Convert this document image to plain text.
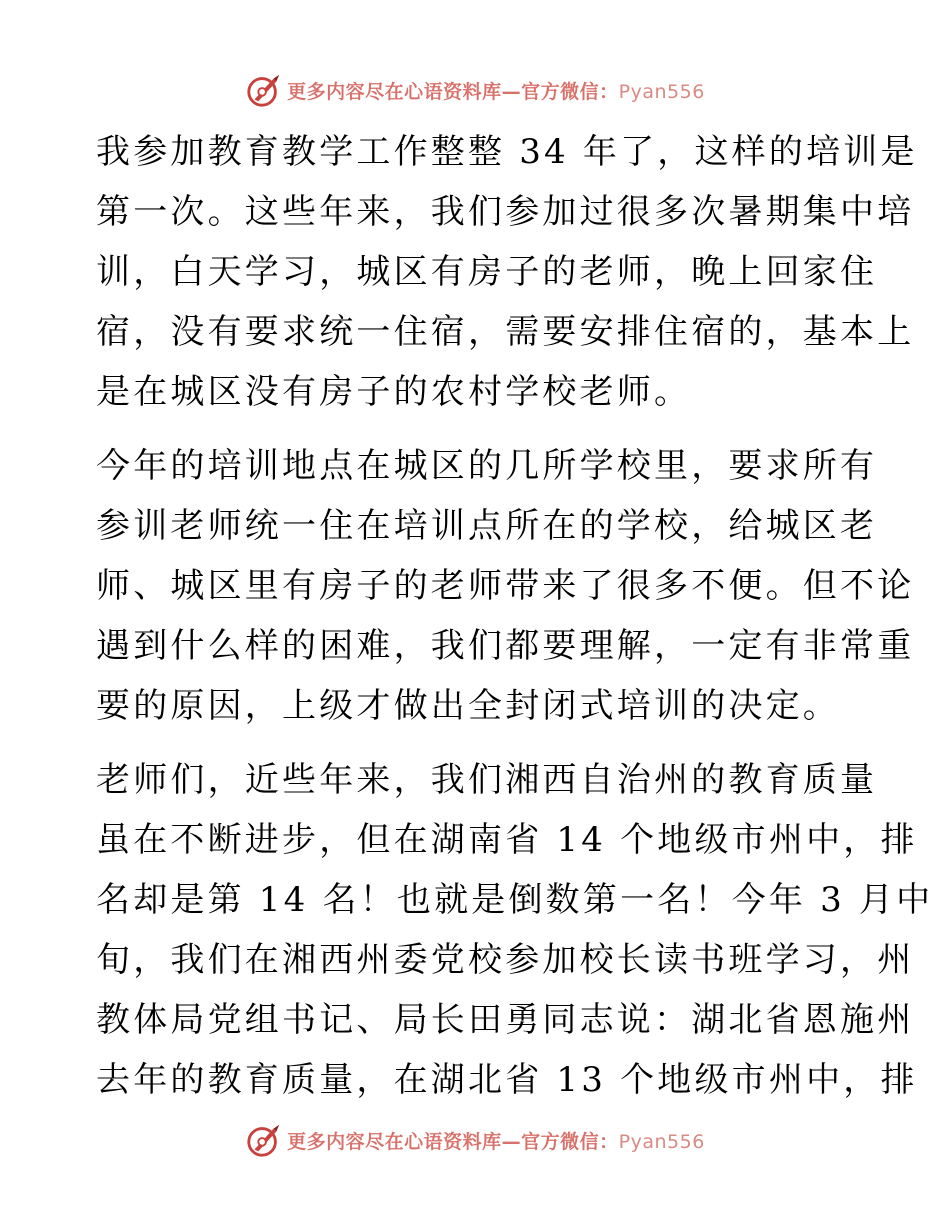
更多内容尽在心语资料库—官方微信：Pyan556

我参加教育教学工作整整 34 年了，这样的培训是
第一次。这些年来，我们参加过很多次暑期集中培
训，白天学习，城区有房子的老师，晚上回家住
宿，没有要求统一住宿，需要安排住宿的，基本上
是在城区没有房子的农村学校老师。

今年的培训地点在城区的几所学校里，要求所有
参训老师统一住在培训点所在的学校，给城区老
师、城区里有房子的老师带来了很多不便。但不论
遇到什么样的困难，我们都要理解，一定有非常重
要的原因，上级才做出全封闭式培训的决定。

老师们，近些年来，我们湘西自治州的教育质量
虽在不断进步，但在湖南省 14 个地级市州中，排
名却是第 14 名！也就是倒数第一名！今年 3 月中
旬，我们在湘西州委党校参加校长读书班学习，州
教体局党组书记、局长田勇同志说：湖北省恩施州
去年的教育质量，在湖北省 13 个地级市州中，排

更多内容尽在心语资料库—官方微信：Pyan556
